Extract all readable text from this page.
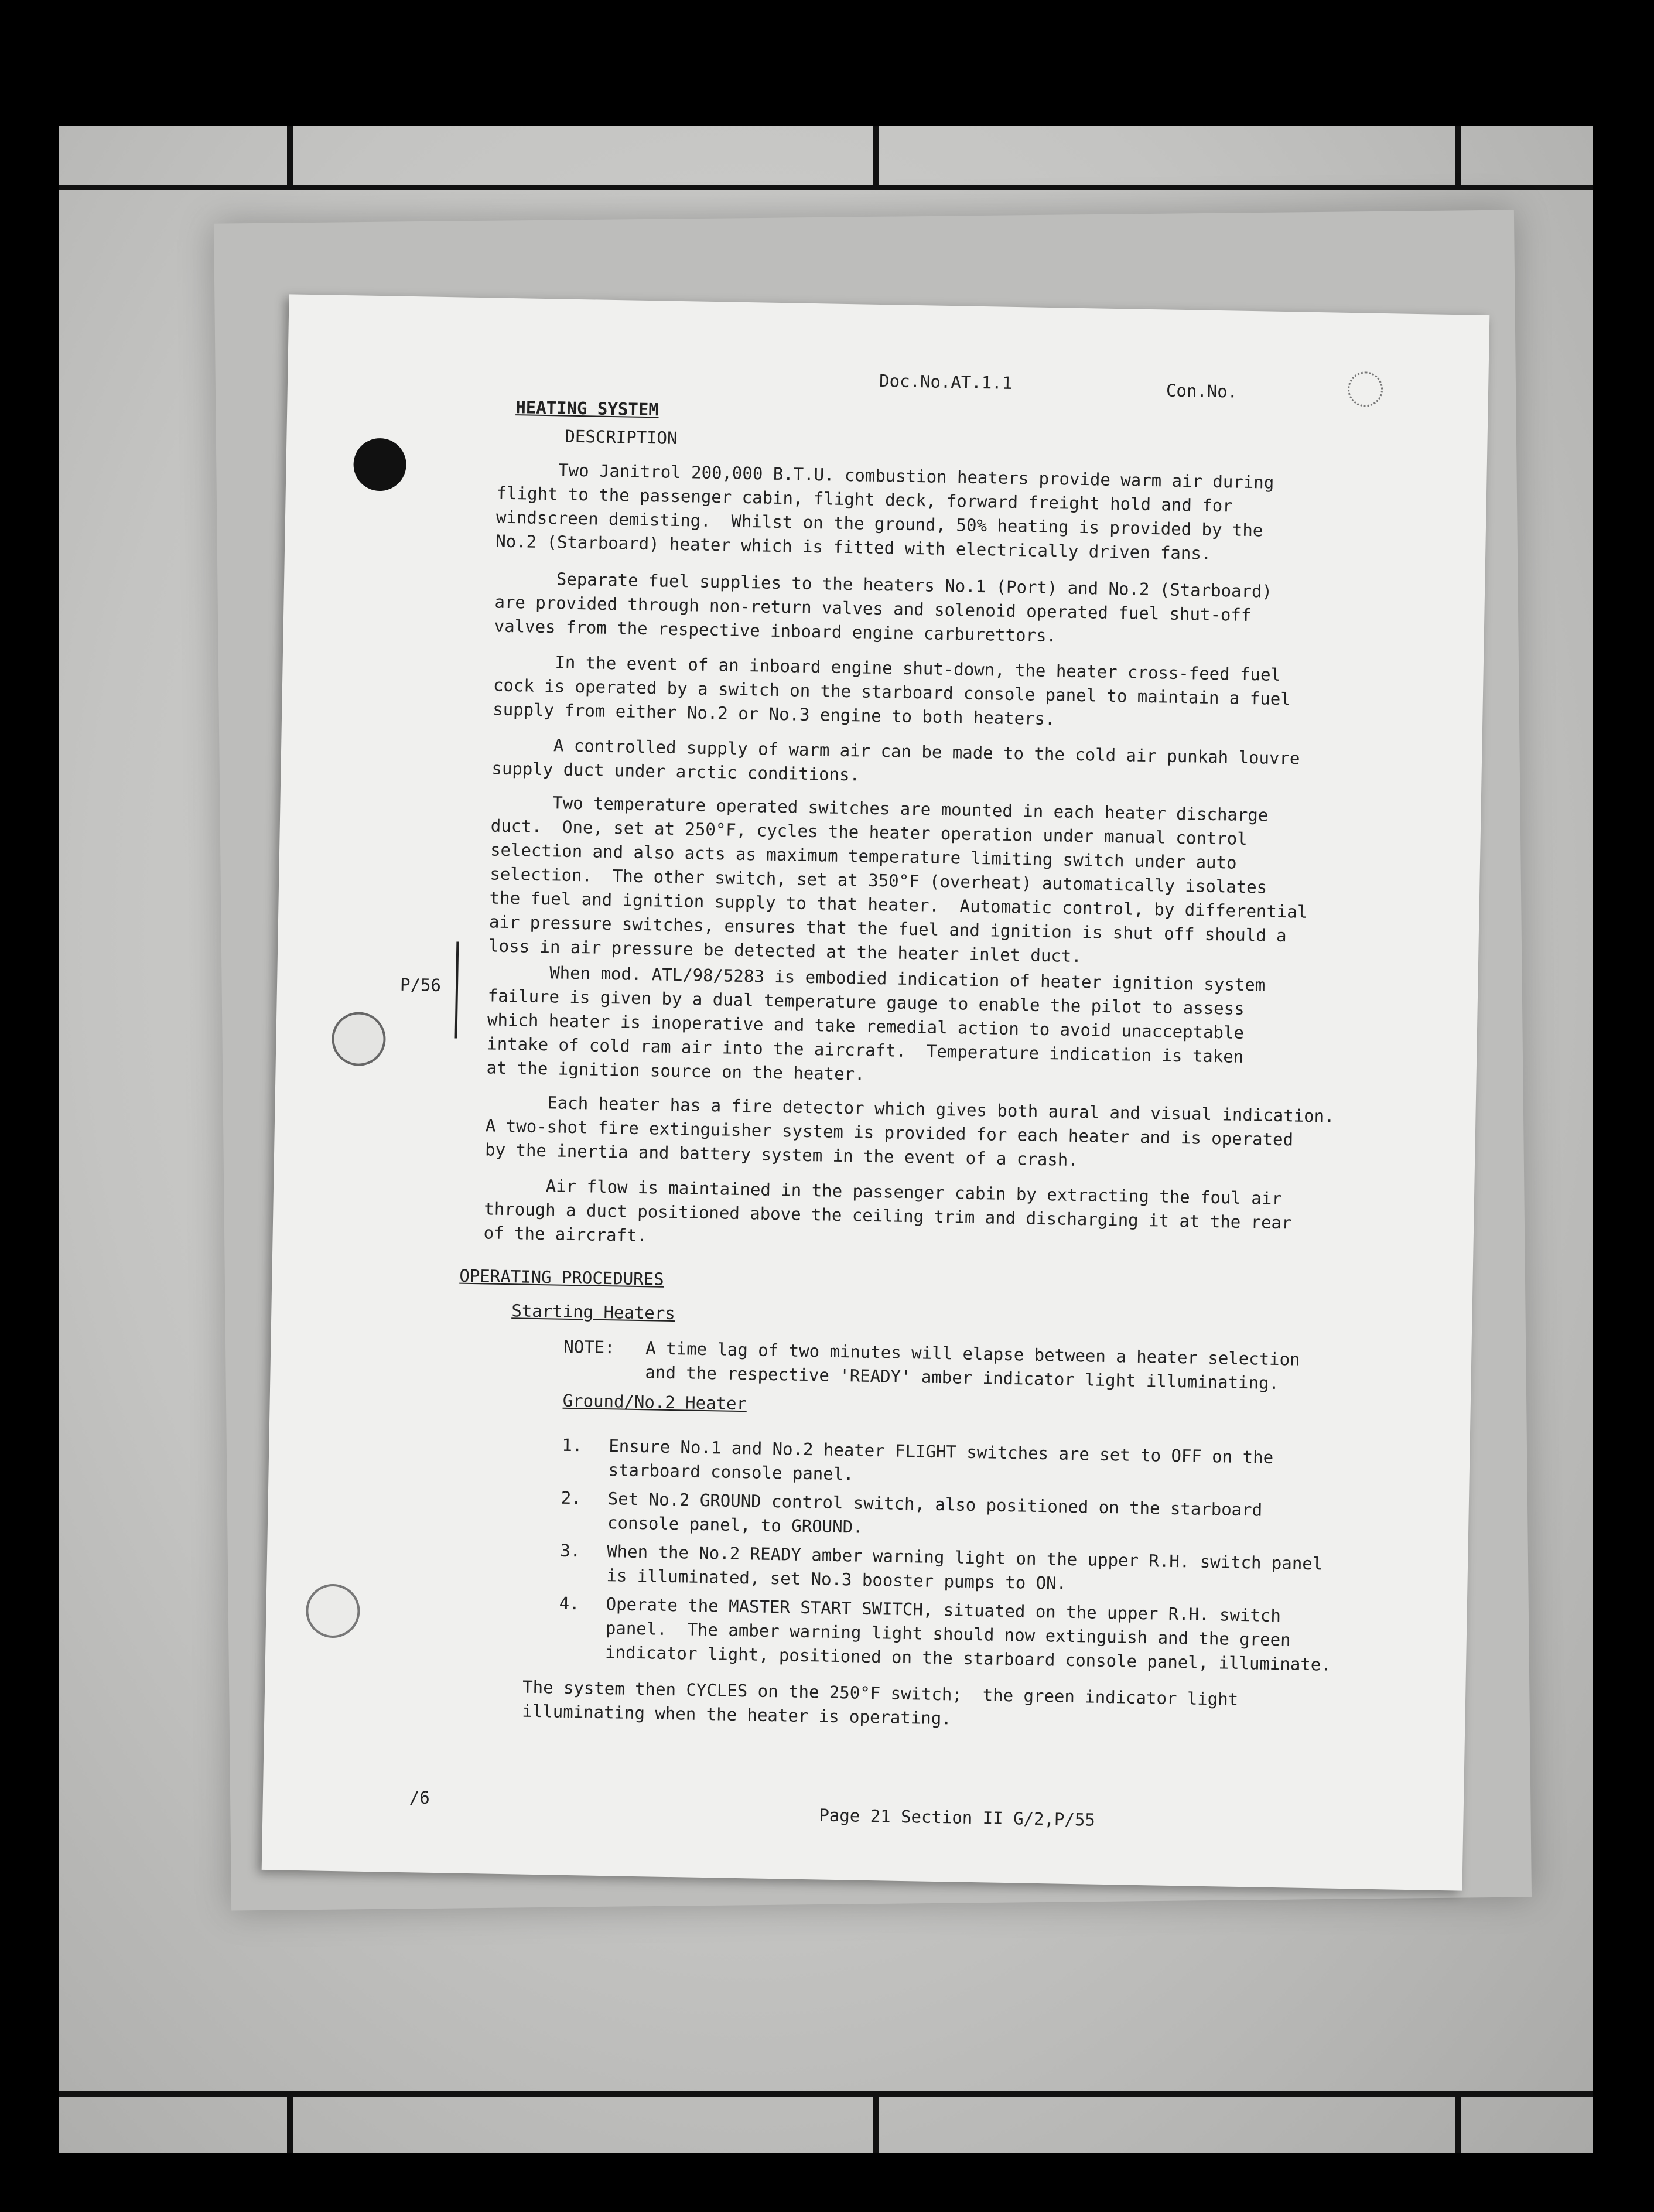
Doc.No.AT.1.1	Con.No.
HEATING SYSTEM
DESCRIPTION
Two Janitrol 200,000 B.T.U. combustion heaters provide warm air during
flight to the passenger cabin, flight deck, forward freight hold and for
windscreen demisting.  Whilst on the ground, 50% heating is provided by the
No.2 (Starboard) heater which is fitted with electrically driven fans.
Separate fuel supplies to the heaters No.1 (Port) and No.2 (Starboard)
are provided through non-return valves and solenoid operated fuel shut-off
valves from the respective inboard engine carburettors.
In the event of an inboard engine shut-down, the heater cross-feed fuel
cock is operated by a switch on the starboard console panel to maintain a fuel
supply from either No.2 or No.3 engine to both heaters.
A controlled supply of warm air can be made to the cold air punkah louvre
supply duct under arctic conditions.
Two temperature operated switches are mounted in each heater discharge
duct.  One, set at 250°F, cycles the heater operation under manual control
selection and also acts as maximum temperature limiting switch under auto
selection.  The other switch, set at 350°F (overheat) automatically isolates
the fuel and ignition supply to that heater.  Automatic control, by differential
air pressure switches, ensures that the fuel and ignition is shut off should a
loss in air pressure be detected at the heater inlet duct.
P/56	When mod. ATL/98/5283 is embodied indication of heater ignition system
failure is given by a dual temperature gauge to enable the pilot to assess
which heater is inoperative and take remedial action to avoid unacceptable
intake of cold ram air into the aircraft.  Temperature indication is taken
at the ignition source on the heater.
Each heater has a fire detector which gives both aural and visual indication.
A two-shot fire extinguisher system is provided for each heater and is operated
by the inertia and battery system in the event of a crash.
Air flow is maintained in the passenger cabin by extracting the foul air
through a duct positioned above the ceiling trim and discharging it at the rear
of the aircraft.
OPERATING PROCEDURES
Starting Heaters
NOTE: A time lag of two minutes will elapse between a heater selection
and the respective 'READY' amber indicator light illuminating.
Ground/No.2 Heater
1. Ensure No.1 and No.2 heater FLIGHT switches are set to OFF on the
starboard console panel.
2. Set No.2 GROUND control switch, also positioned on the starboard
console panel, to GROUND.
3. When the No.2 READY amber warning light on the upper R.H. switch panel
is illuminated, set No.3 booster pumps to ON.
4. Operate the MASTER START SWITCH, situated on the upper R.H. switch
panel.  The amber warning light should now extinguish and the green
indicator light, positioned on the starboard console panel, illuminate.
The system then CYCLES on the 250°F switch;  the green indicator light
illuminating when the heater is operating.
/6
Page 21 Section II G/2,P/55
